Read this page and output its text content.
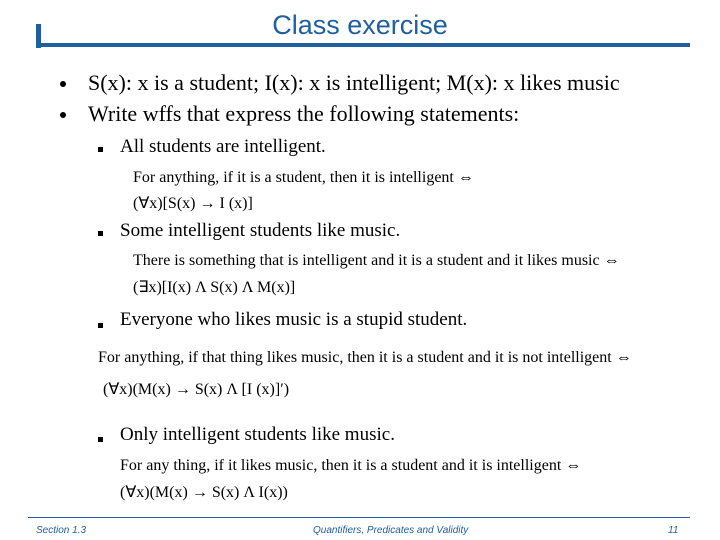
Class exercise
S(x): x is a student; I(x): x is intelligent; M(x): x likes music
Write wffs that express the following statements:
All students are intelligent.
For anything, if it is a student, then it is intelligent ⇔
(∀x)[S(x) → I (x)]
Some intelligent students like music.
There is something that is intelligent and it is a student and it likes music ⇔
(∃x)[I(x) Λ S(x) Λ M(x)]
Everyone who likes music is a stupid student.
For anything, if that thing likes music, then it is a student and it is not intelligent ⇔
(∀x)(M(x) → S(x) Λ [I (x)]′)
Only intelligent students like music.
For any thing, if it likes music, then it is a student and it is intelligent ⇔
(∀x)(M(x) → S(x) Λ I(x))
Section 1.3	Quantifiers, Predicates and Validity	11
